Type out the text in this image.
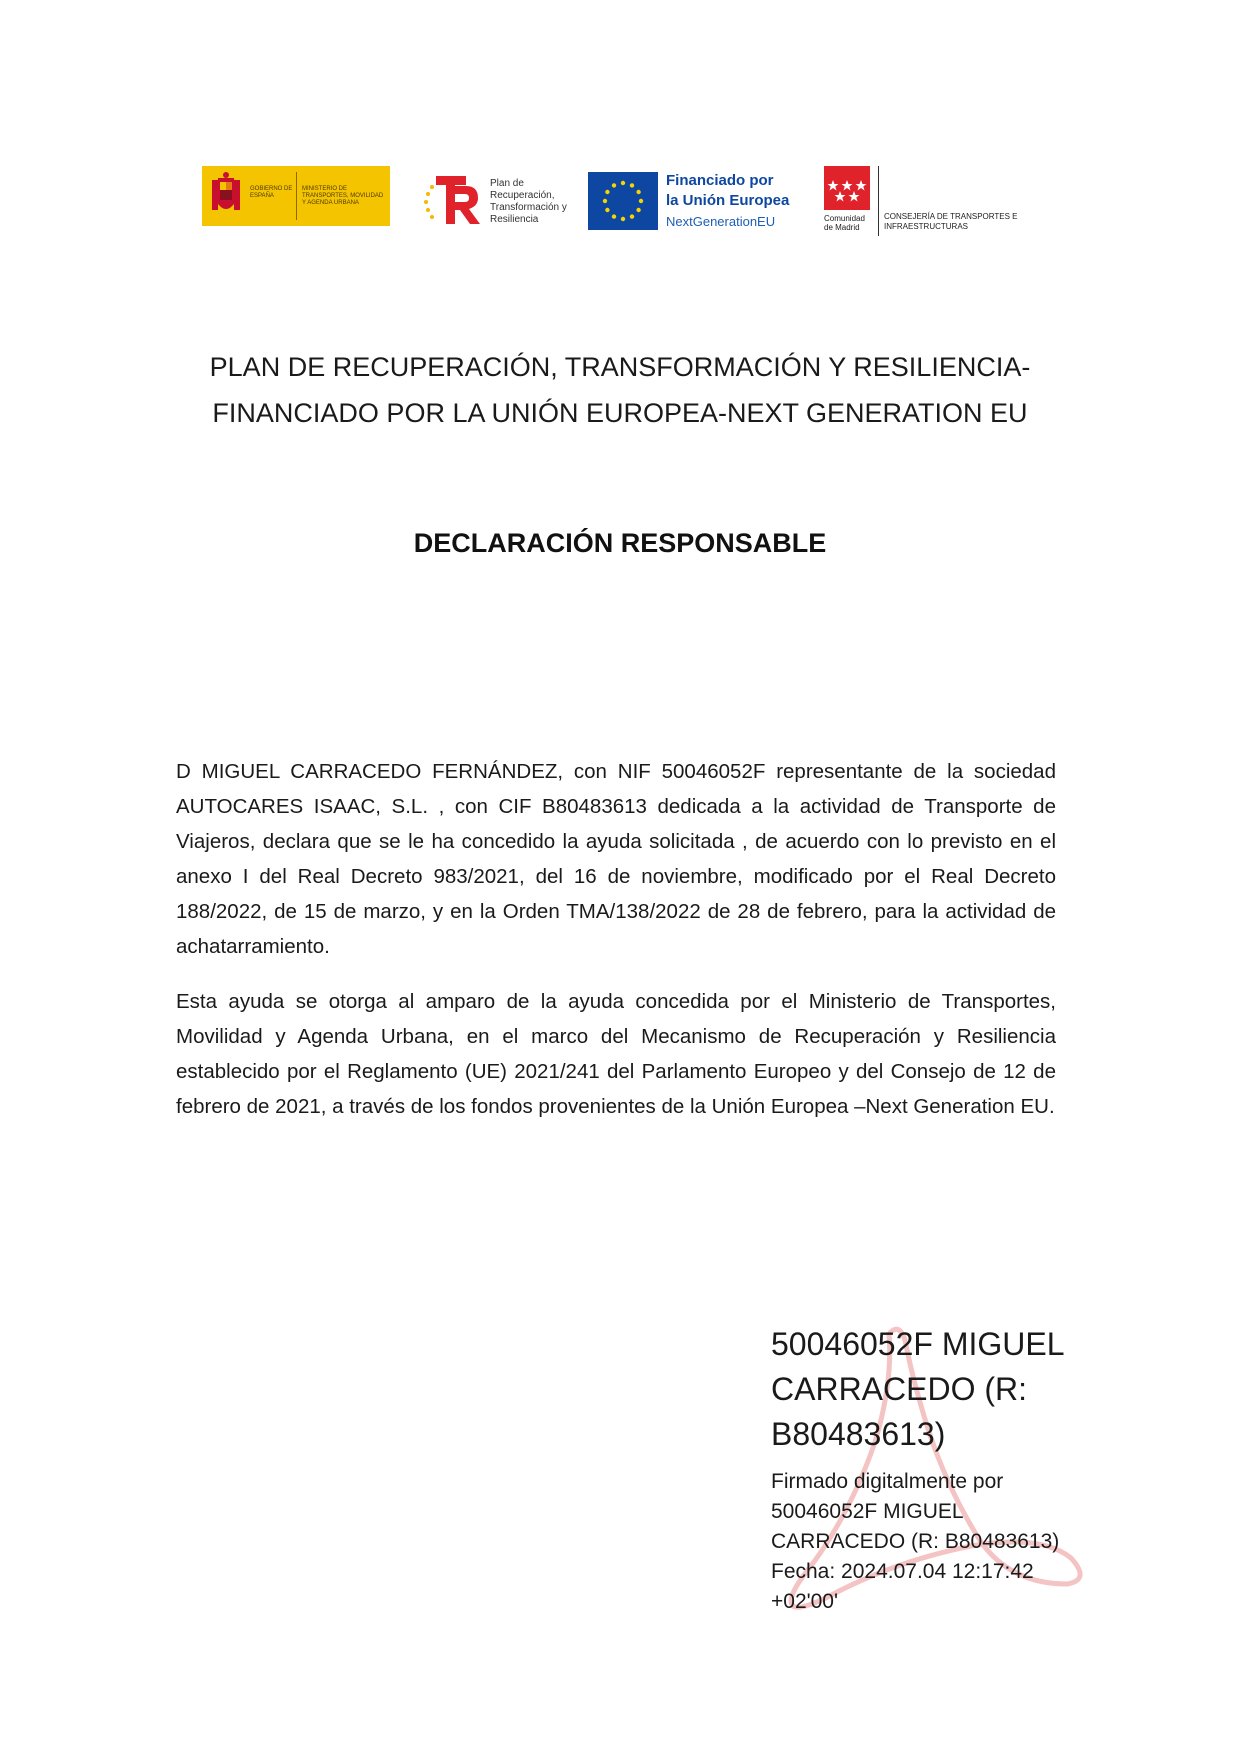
GOBIERNO DE ESPAÑA
MINISTERIO DE TRANSPORTES, MOVILIDAD Y AGENDA URBANA
Plan de Recuperación, Transformación y Resiliencia
Financiado por
la Unión Europea
NextGenerationEU	Comunidad de Madrid
CONSEJERÍA DE TRANSPORTES E INFRAESTRUCTURAS
PLAN DE RECUPERACIÓN, TRANSFORMACIÓN Y RESILIENCIA-
FINANCIADO POR LA UNIÓN EUROPEA-NEXT GENERATION EU
DECLARACIÓN RESPONSABLE

D MIGUEL CARRACEDO FERNÁNDEZ, con NIF 50046052F representante de la sociedad AUTOCARES ISAAC, S.L. , con CIF B80483613 dedicada a la actividad de Transporte de Viajeros, declara que se le ha concedido la ayuda solicitada , de acuerdo con lo previsto en el anexo I del Real Decreto 983/2021, del 16 de noviembre, modificado por el Real Decreto 188/2022, de 15 de marzo, y en la Orden TMA/138/2022 de 28 de febrero, para la actividad de achatarramiento.

Esta ayuda se otorga al amparo de la ayuda concedida por el Ministerio de Transportes, Movilidad y Agenda Urbana, en el marco del Mecanismo de Recuperación y Resiliencia establecido por el Reglamento (UE) 2021/241 del Parlamento Europeo y del Consejo de 12 de febrero de 2021, a través de los fondos provenientes de la Unión Europea –Next Generation EU.

50046052F MIGUEL
CARRACEDO (R:
B80483613)
Firmado digitalmente por
50046052F MIGUEL
CARRACEDO (R: B80483613)
Fecha: 2024.07.04 12:17:42
+02'00'
